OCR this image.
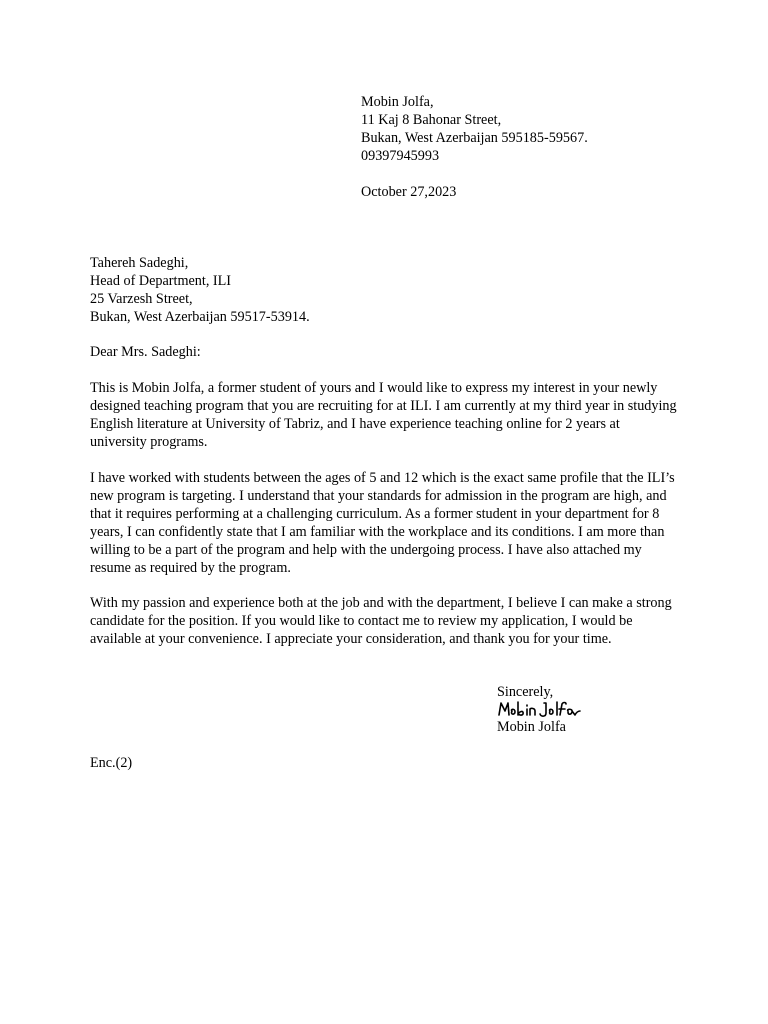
Mobin Jolfa,
11 Kaj 8 Bahonar Street,
Bukan, West Azerbaijan 595185-59567.
09397945993
October 27,2023
Tahereh Sadeghi,
Head of Department, ILI
25 Varzesh Street,
Bukan, West Azerbaijan 59517-53914.
Dear Mrs. Sadeghi:

This is Mobin Jolfa, a former student of yours and I would like to express my interest in your newly designed teaching program that you are recruiting for at ILI. I am currently at my third year in studying English literature at University of Tabriz, and I have experience teaching online for 2 years at university programs.

I have worked with students between the ages of 5 and 12 which is the exact same profile that the ILI’s new program is targeting. I understand that your standards for admission in the program are high, and that it requires performing at a challenging curriculum. As a former student in your department for 8 years, I can confidently state that I am familiar with the workplace and its conditions. I am more than willing to be a part of the program and help with the undergoing process. I have also attached my resume as required by the program.

With my passion and experience both at the job and with the department, I believe I can make a strong candidate for the position. If you would like to contact me to review my application, I would be available at your convenience. I appreciate your consideration, and thank you for your time.

Sincerely,
Mobin Jolfa
Enc.(2)
